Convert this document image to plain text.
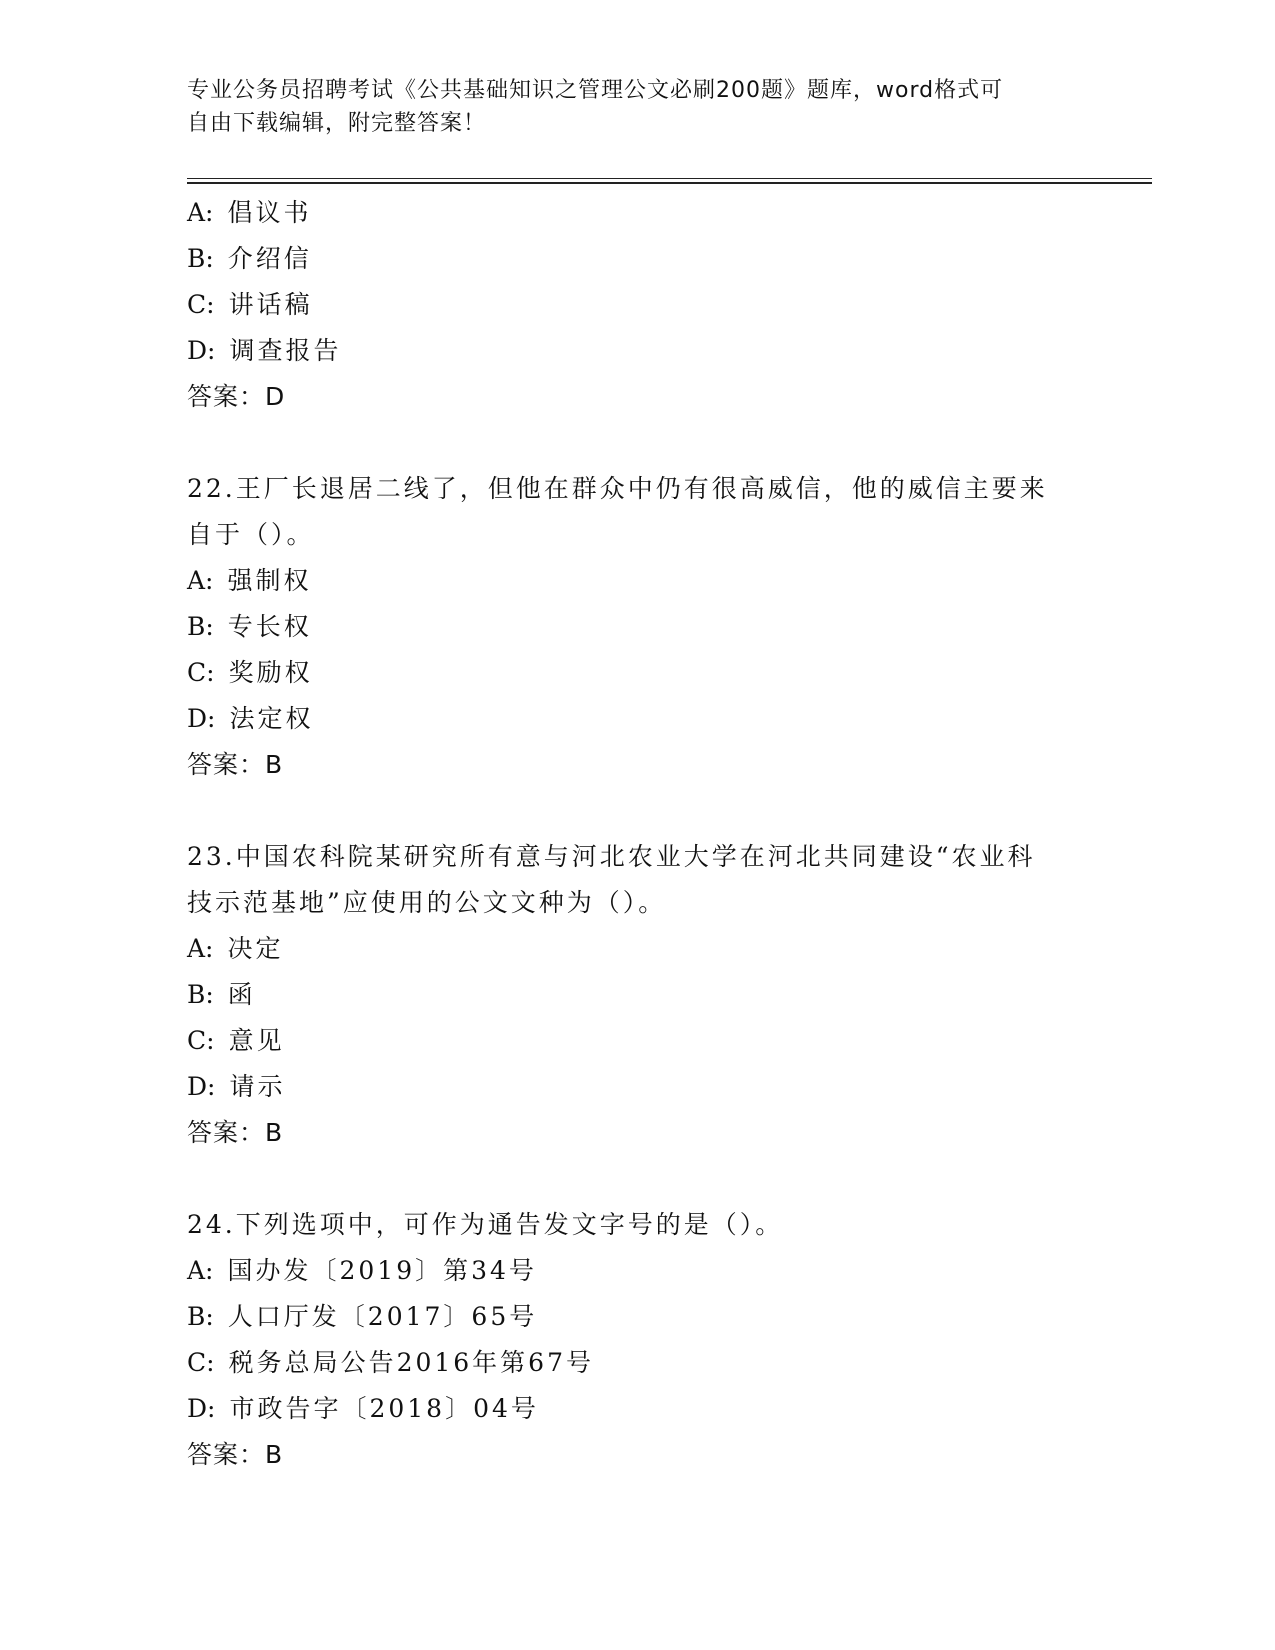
专业公务员招聘考试《公共基础知识之管理公文必刷200题》题库，word格式可
自由下载编辑，附完整答案！
A: 倡议书
B: 介绍信
C: 讲话稿
D: 调查报告
答案：D
22.王厂长退居二线了，但他在群众中仍有很高威信，他的威信主要来
自于（）。
A: 强制权
B: 专长权
C: 奖励权
D: 法定权
答案：B
23.中国农科院某研究所有意与河北农业大学在河北共同建设“农业科
技示范基地”应使用的公文文种为（）。
A: 决定
B: 函
C: 意见
D: 请示
答案：B
24.下列选项中，可作为通告发文字号的是（）。
A: 国办发〔2019〕第34号
B: 人口厅发〔2017〕65号
C: 税务总局公告2016年第67号
D: 市政告字〔2018〕04号
答案：B
